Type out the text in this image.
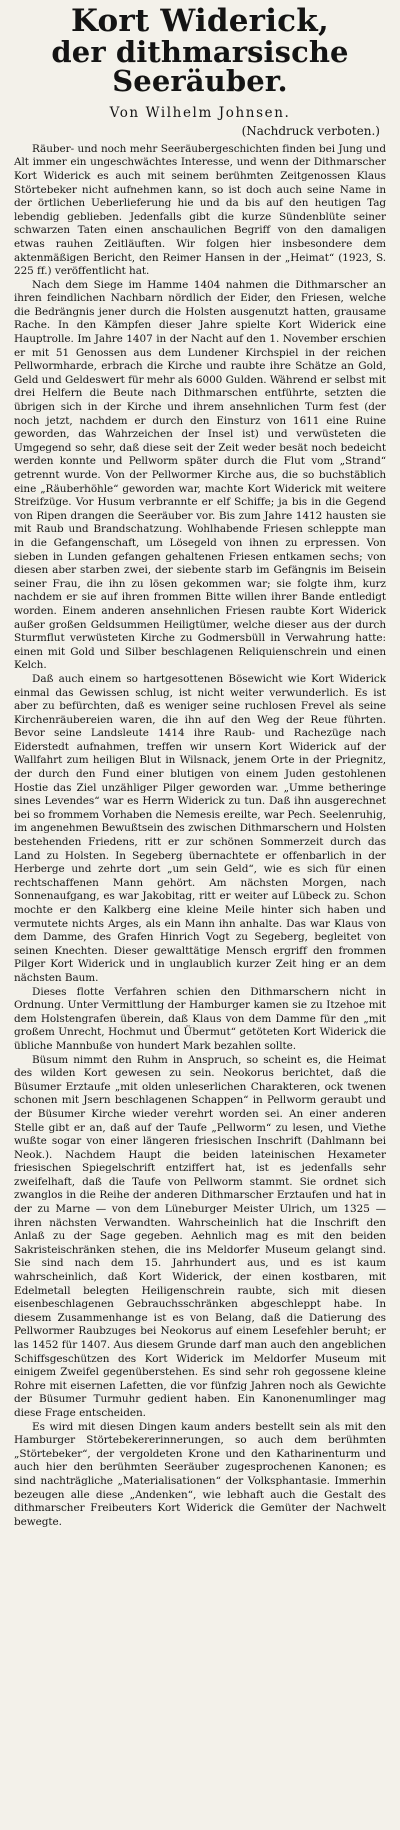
Kort Widerick,
der dithmarsische Seeräuber.
Von Wilhelm Johnsen.
(Nachdruck verboten.)

Räuber- und noch mehr Seeräubergeschichten finden bei Jung und Alt immer ein ungeschwächtes Interesse, und wenn der Dithmarscher Kort Widerick es auch mit seinem berühmten Zeitgenossen Klaus Störtebeker nicht aufnehmen kann, so ist doch auch seine Name in der örtlichen Ueberlieferung hie und da bis auf den heutigen Tag lebendig geblieben. Jedenfalls gibt die kurze Sündenblüte seiner schwarzen Taten einen anschaulichen Begriff von den damaligen etwas rauhen Zeitläuften. Wir folgen hier insbesondere dem aktenmäßigen Bericht, den Reimer Hansen in der „Heimat“ (1923, S. 225 ff.) veröffentlicht hat.

Nach dem Siege im Hamme 1404 nahmen die Dithmarscher an ihren feindlichen Nachbarn nördlich der Eider, den Friesen, welche die Bedrängnis jener durch die Holsten ausgenutzt hatten, grausame Rache. In den Kämpfen dieser Jahre spielte Kort Widerick eine Hauptrolle. Im Jahre 1407 in der Nacht auf den 1. November erschien er mit 51 Genossen aus dem Lundener Kirchspiel in der reichen Pellwormharde, erbrach die Kirche und raubte ihre Schätze an Gold, Geld und Geldeswert für mehr als 6000 Gulden. Während er selbst mit drei Helfern die Beute nach Dithmarschen entführte, setzten die übrigen sich in der Kirche und ihrem ansehnlichen Turm fest (der noch jetzt, nachdem er durch den Einsturz von 1611 eine Ruine geworden, das Wahrzeichen der Insel ist) und verwüsteten die Umgegend so sehr, daß diese seit der Zeit weder besät noch bedeicht werden konnte und Pellworm später durch die Flut vom „Strand“ getrennt wurde. Von der Pellwormer Kirche aus, die so buchstäblich eine „Räuberhöhle“ geworden war, machte Kort Widerick mit weitere Streifzüge. Vor Husum verbrannte er elf Schiffe; ja bis in die Gegend von Ripen drangen die Seeräuber vor. Bis zum Jahre 1412 hausten sie mit Raub und Brandschatzung. Wohlhabende Friesen schleppte man in die Gefangenschaft, um Lösegeld von ihnen zu erpressen. Von sieben in Lunden gefangen gehaltenen Friesen entkamen sechs; von diesen aber starben zwei, der siebente starb im Gefängnis im Beisein seiner Frau, die ihn zu lösen gekommen war; sie folgte ihm, kurz nachdem er sie auf ihren frommen Bitte willen ihrer Bande entledigt worden. Einem anderen ansehnlichen Friesen raubte Kort Widerick außer großen Geldsummen Heiligtümer, welche dieser aus der durch Sturmflut verwüsteten Kirche zu Godmersbüll in Verwahrung hatte: einen mit Gold und Silber beschlagenen Reliquienschrein und einen Kelch.

Daß auch einem so hartgesottenen Bösewicht wie Kort Widerick einmal das Gewissen schlug, ist nicht weiter verwunderlich. Es ist aber zu befürchten, daß es weniger seine ruchlosen Frevel als seine Kirchenräubereien waren, die ihn auf den Weg der Reue führten. Bevor seine Landsleute 1414 ihre Raub- und Rachezüge nach Eiderstedt aufnahmen, treffen wir unsern Kort Widerick auf der Wallfahrt zum heiligen Blut in Wilsnack, jenem Orte in der Priegnitz, der durch den Fund einer blutigen von einem Juden gestohlenen Hostie das Ziel unzähliger Pilger geworden war. „Umme betheringe sines Levendes“ war es Herrn Widerick zu tun. Daß ihn ausgerechnet bei so frommem Vorhaben die Nemesis ereilte, war Pech. Seelenruhig, im angenehmen Bewußtsein des zwischen Dithmarschern und Holsten bestehenden Friedens, ritt er zur schönen Sommerzeit durch das Land zu Holsten. In Segeberg übernachtete er offenbarlich in der Herberge und zehrte dort „um sein Geld“, wie es sich für einen rechtschaffenen Mann gehört. Am nächsten Morgen, nach Sonnenaufgang, es war Jakobitag, ritt er weiter auf Lübeck zu. Schon mochte er den Kalkberg eine kleine Meile hinter sich haben und vermutete nichts Arges, als ein Mann ihn anhalte. Das war Klaus von dem Damme, des Grafen Hinrich Vogt zu Segeberg, begleitet von seinen Knechten. Dieser gewalttätige Mensch ergriff den frommen Pilger Kort Widerick und in unglaublich kurzer Zeit hing er an dem nächsten Baum.

Dieses flotte Verfahren schien den Dithmarschern nicht in Ordnung. Unter Vermittlung der Hamburger kamen sie zu Itzehoe mit dem Holstengrafen überein, daß Klaus von dem Damme für den „mit großem Unrecht, Hochmut und Übermut“ getöteten Kort Widerick die übliche Mannbuße von hundert Mark bezahlen sollte.

Büsum nimmt den Ruhm in Anspruch, so scheint es, die Heimat des wilden Kort gewesen zu sein. Neokorus berichtet, daß die Büsumer Erztaufe „mit olden unleserlichen Charakteren, ock twenen schonen mit Jsern beschlagenen Schappen“ in Pellworm geraubt und der Büsumer Kirche wieder verehrt worden sei. An einer anderen Stelle gibt er an, daß auf der Taufe „Pellworm“ zu lesen, und Viethe wußte sogar von einer längeren friesischen Inschrift (Dahlmann bei Neok.). Nachdem Haupt die beiden lateinischen Hexameter friesischen Spiegelschrift entziffert hat, ist es jedenfalls sehr zweifelhaft, daß die Taufe von Pellworm stammt. Sie ordnet sich zwanglos in die Reihe der anderen Dithmarscher Erztaufen und hat in der zu Marne — von dem Lüneburger Meister Ulrich, um 1325 — ihren nächsten Verwandten. Wahrscheinlich hat die Inschrift den Anlaß zu der Sage gegeben. Aehnlich mag es mit den beiden Sakristeischränken stehen, die ins Meldorfer Museum gelangt sind. Sie sind nach dem 15. Jahrhundert aus, und es ist kaum wahrscheinlich, daß Kort Widerick, der einen kostbaren, mit Edelmetall belegten Heiligenschrein raubte, sich mit diesen eisenbeschlagenen Gebrauchsschränken abgeschleppt habe. In diesem Zusammenhange ist es von Belang, daß die Datierung des Pellwormer Raubzuges bei Neokorus auf einem Lesefehler beruht; er las 1452 für 1407. Aus diesem Grunde darf man auch den angeblichen Schiffsgeschützen des Kort Widerick im Meldorfer Museum mit einigem Zweifel gegenüberstehen. Es sind sehr roh gegossene kleine Rohre mit eisernen Lafetten, die vor fünfzig Jahren noch als Gewichte der Büsumer Turmuhr gedient haben. Ein Kanonenumlinger mag diese Frage entscheiden.

Es wird mit diesen Dingen kaum anders bestellt sein als mit den Hamburger Störtebekererinnerungen, so auch dem berühmten „Störtebeker“, der vergoldeten Krone und den Katharinenturm und auch hier den berühmten Seeräuber zugesprochenen Kanonen; es sind nachträgliche „Materialisationen“ der Volksphantasie. Immerhin bezeugen alle diese „Andenken“, wie lebhaft auch die Gestalt des dithmarscher Freibeuters Kort Widerick die Gemüter der Nachwelt bewegte.
